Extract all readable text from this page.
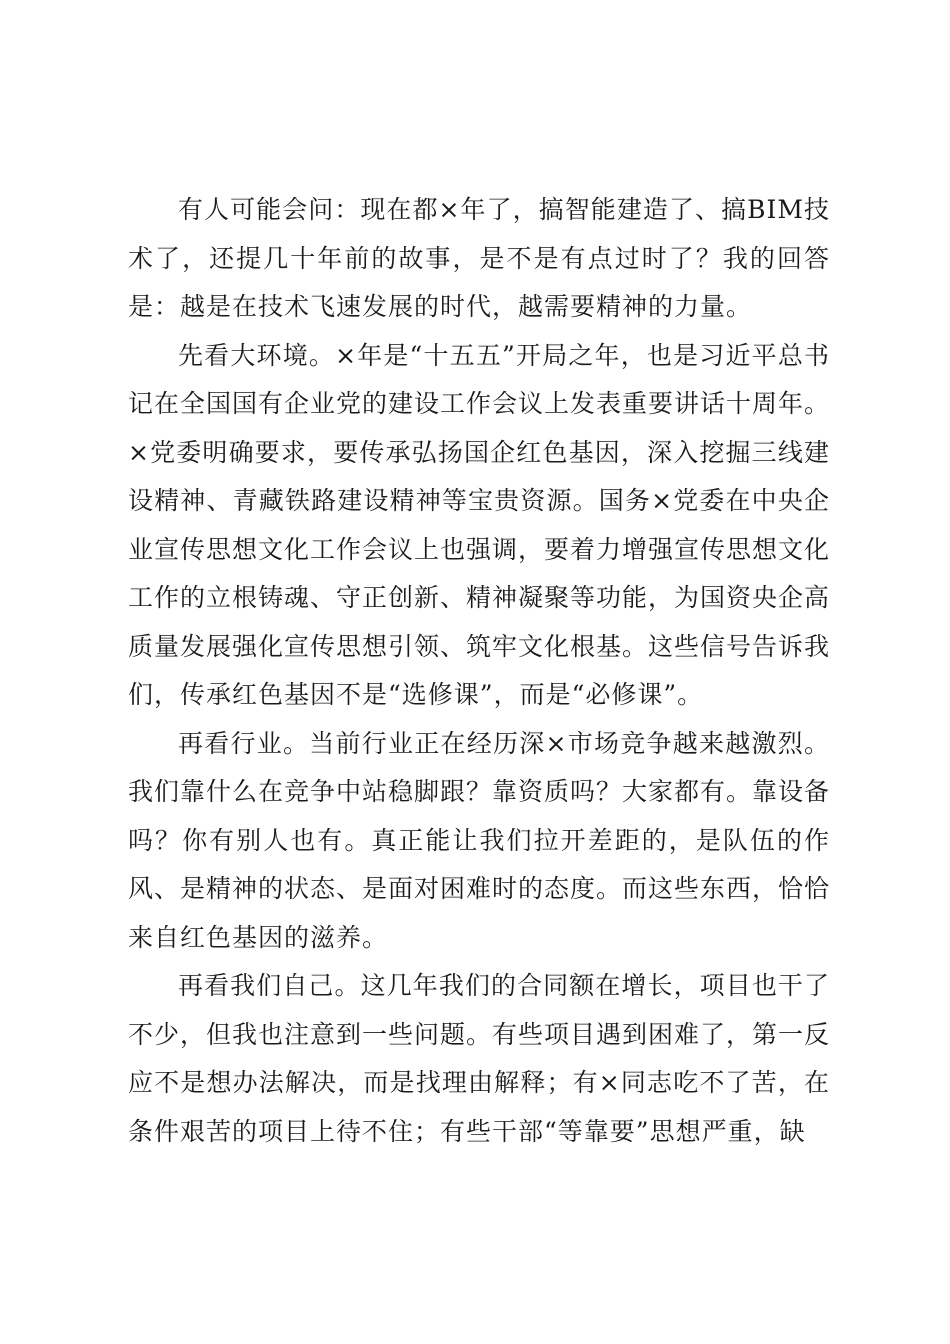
有人可能会问：现在都×年了，搞智能建造了、搞BIM技术了，还提几十年前的故事，是不是有点过时了？我的回答是：越是在技术飞速发展的时代，越需要精神的力量。

先看大环境。×年是“十五五”开局之年，也是习近平总书记在全国国有企业党的建设工作会议上发表重要讲话十周年。×党委明确要求，要传承弘扬国企红色基因，深入挖掘三线建设精神、青藏铁路建设精神等宝贵资源。国务×党委在中央企业宣传思想文化工作会议上也强调，要着力增强宣传思想文化工作的立根铸魂、守正创新、精神凝聚等功能，为国资央企高质量发展强化宣传思想引领、筑牢文化根基。这些信号告诉我们，传承红色基因不是“选修课”，而是“必修课”。

再看行业。当前行业正在经历深×市场竞争越来越激烈。我们靠什么在竞争中站稳脚跟？靠资质吗？大家都有。靠设备吗？你有别人也有。真正能让我们拉开差距的，是队伍的作风、是精神的状态、是面对困难时的态度。而这些东西，恰恰来自红色基因的滋养。

再看我们自己。这几年我们的合同额在增长，项目也干了不少，但我也注意到一些问题。有些项目遇到困难了，第一反应不是想办法解决，而是找理由解释；有×同志吃不了苦，在条件艰苦的项目上待不住；有些干部“等靠要”思想严重，缺
